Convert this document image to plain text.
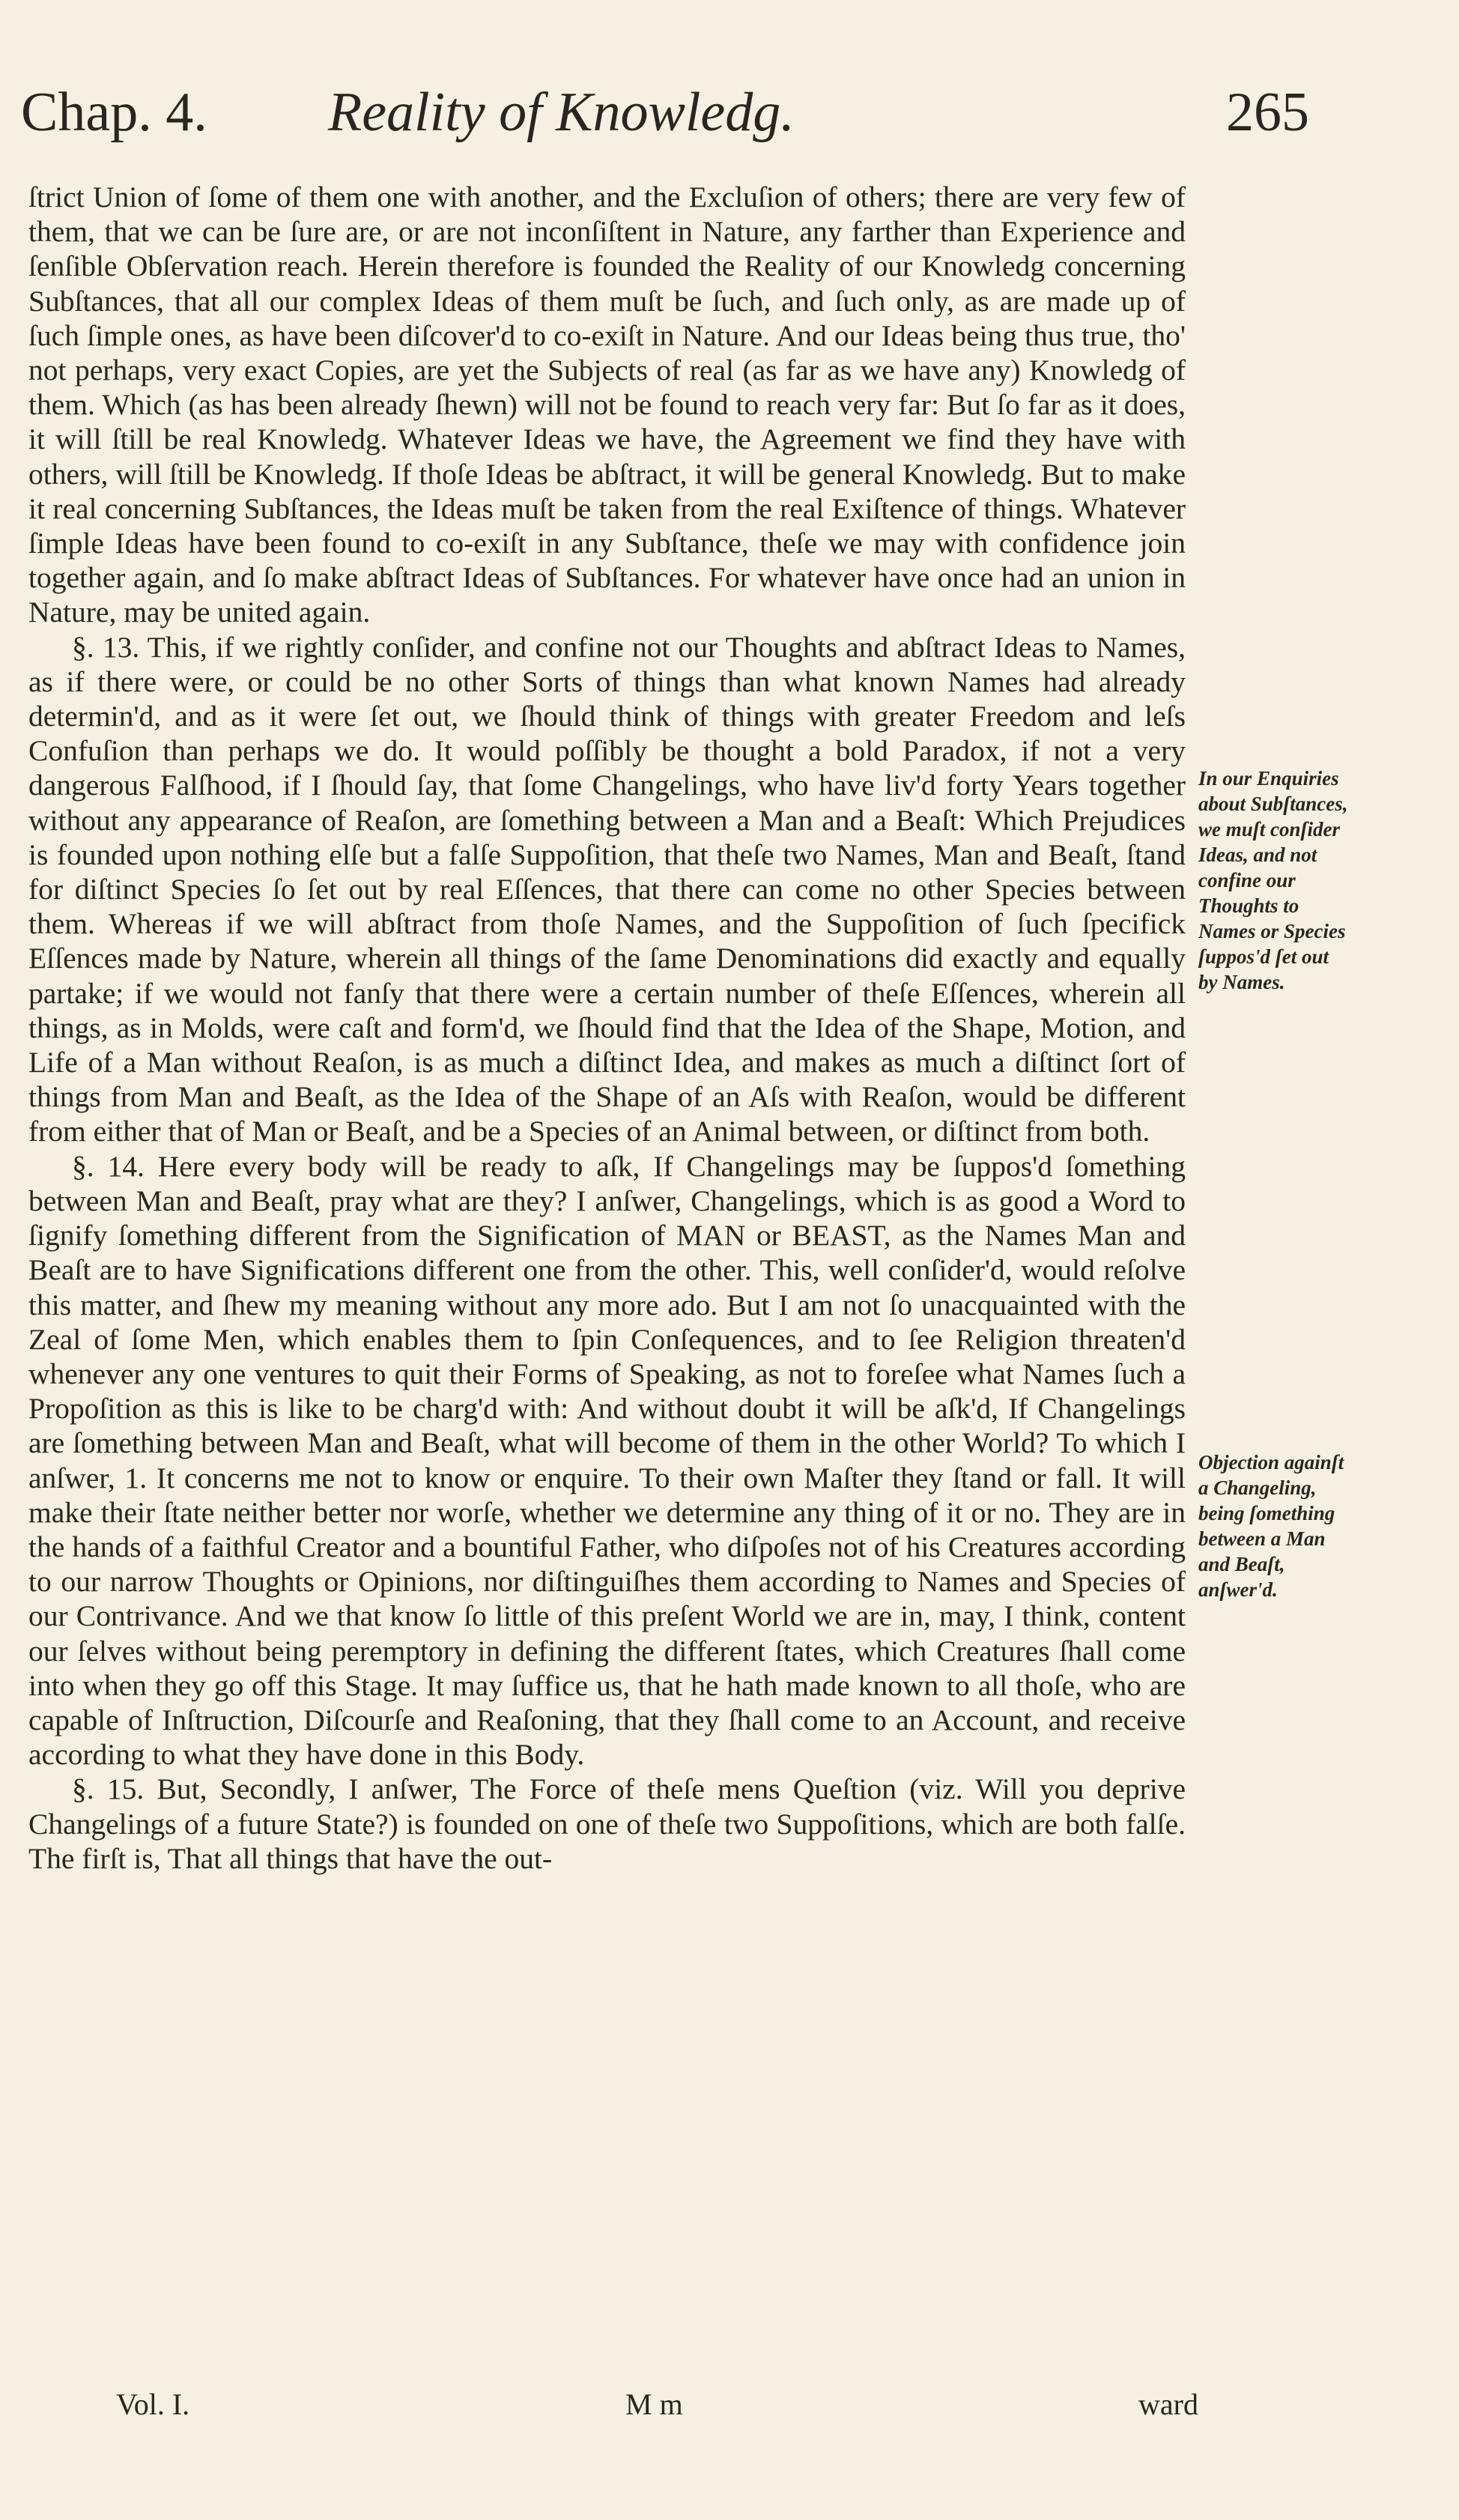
Chap. 4. Reality of Knowledg.	265

ſtrict Union of ſome of them one with another, and the Excluſion of others; there are very few of them, that we can be ſure are, or are not inconſiſtent in Nature, any farther than Experience and ſenſible Obſervation reach. Herein therefore is founded the Reality of our Knowledg concerning Subſtances, that all our complex Ideas of them muſt be ſuch, and ſuch only, as are made up of ſuch ſimple ones, as have been diſcover'd to co-exiſt in Nature. And our Ideas being thus true, tho' not perhaps, very exact Copies, are yet the Subjects of real (as far as we have any) Knowledg of them. Which (as has been already ſhewn) will not be found to reach very far: But ſo far as it does, it will ſtill be real Knowledg. Whatever Ideas we have, the Agreement we find they have with others, will ſtill be Knowledg. If thoſe Ideas be abſtract, it will be general Knowledg. But to make it real concerning Subſtances, the Ideas muſt be taken from the real Exiſtence of things. Whatever ſimple Ideas have been found to co-exiſt in any Subſtance, theſe we may with confidence join together again, and ſo make abſtract Ideas of Subſtances. For whatever have once had an union in Nature, may be united again.

§. 13. This, if we rightly conſider, and confine not our Thoughts and abſtract Ideas to Names, as if there were, or could be no other Sorts of things than what known Names had already determin'd, and as it were ſet out, we ſhould think of things with greater Freedom and leſs Confuſion than perhaps we do. It would poſſibly be thought a bold Paradox, if not a very dangerous Falſhood, if I ſhould ſay, that ſome Changelings, who have liv'd forty Years together without any appearance of Reaſon, are ſomething between a Man and a Beaſt: Which Prejudices is founded upon nothing elſe but a falſe Suppoſition, that theſe two Names, Man and Beaſt, ſtand for diſtinct Species ſo ſet out by real Eſſences, that there can come no other Species between them. Whereas if we will abſtract from thoſe Names, and the Suppoſition of ſuch ſpecifick Eſſences made by Nature, wherein all things of the ſame Denominations did exactly and equally partake; if we would not fanſy that there were a certain number of theſe Eſſences, wherein all things, as in Molds, were caſt and form'd, we ſhould find that the Idea of the Shape, Motion, and Life of a Man without Reaſon, is as much a diſtinct Idea, and makes as much a diſtinct ſort of things from Man and Beaſt, as the Idea of the Shape of an Aſs with Reaſon, would be different from either that of Man or Beaſt, and be a Species of an Animal between, or diſtinct from both.

§. 14. Here every body will be ready to aſk, If Changelings may be ſuppos'd ſomething between Man and Beaſt, pray what are they? I anſwer, Changelings, which is as good a Word to ſignify ſomething different from the Signification of MAN or BEAST, as the Names Man and Beaſt are to have Significations different one from the other. This, well conſider'd, would reſolve this matter, and ſhew my meaning without any more ado. But I am not ſo unacquainted with the Zeal of ſome Men, which enables them to ſpin Conſequences, and to ſee Religion threaten'd whenever any one ventures to quit their Forms of Speaking, as not to foreſee what Names ſuch a Propoſition as this is like to be charg'd with: And without doubt it will be aſk'd, If Changelings are ſomething between Man and Beaſt, what will become of them in the other World? To which I anſwer, 1. It concerns me not to know or enquire. To their own Maſter they ſtand or fall. It will make their ſtate neither better nor worſe, whether we determine any thing of it or no. They are in the hands of a faithful Creator and a bountiful Father, who diſpoſes not of his Creatures according to our narrow Thoughts or Opinions, nor diſtinguiſhes them according to Names and Species of our Contrivance. And we that know ſo little of this preſent World we are in, may, I think, content our ſelves without being peremptory in defining the different ſtates, which Creatures ſhall come into when they go off this Stage. It may ſuffice us, that he hath made known to all thoſe, who are capable of Inſtruction, Diſcourſe and Reaſoning, that they ſhall come to an Account, and receive according to what they have done in this Body.

§. 15. But, Secondly, I anſwer, The Force of theſe mens Queſtion (viz. Will you deprive Changelings of a future State?) is founded on one of theſe two Suppoſitions, which are both falſe. The firſt is, That all things that have the out-

In our Enquiries about Subſtances, we muſt conſider Ideas, and not confine our Thoughts to Names or Species ſuppos'd ſet out by Names.
Objection againſt a Changeling, being ſomething between a Man and Beaſt, anſwer'd.
Vol. I.	M m	ward
